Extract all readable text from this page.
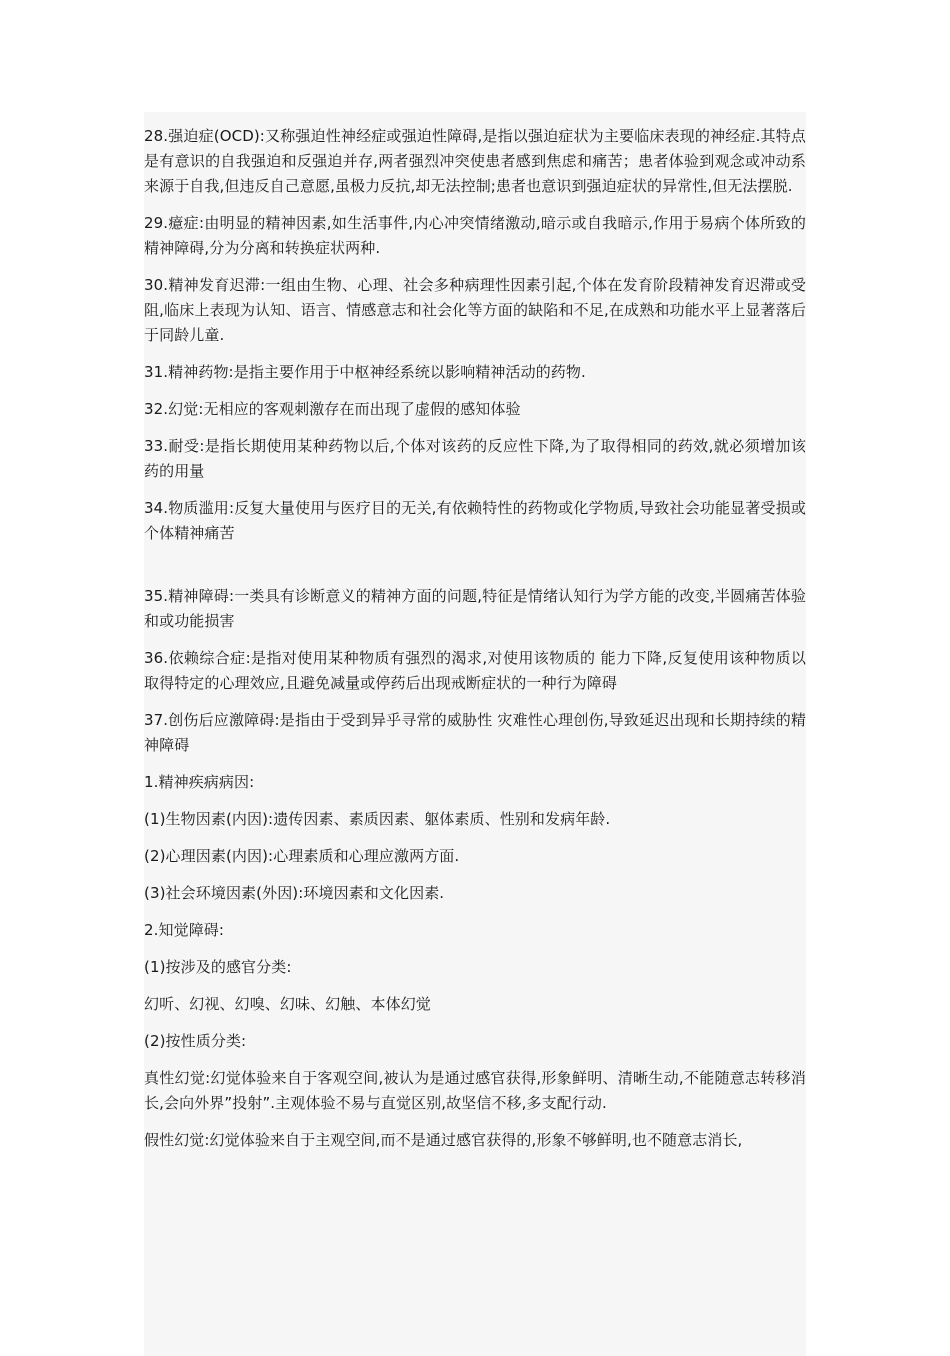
28.强迫症(OCD):又称强迫性神经症或强迫性障碍,是指以强迫症状为主要临床表现的神经症.其特点是有意识的自我强迫和反强迫并存,两者强烈冲突使患者感到焦虑和痛苦；患者体验到观念或冲动系来源于自我,但违反自己意愿,虽极力反抗,却无法控制;患者也意识到强迫症状的异常性,但无法摆脱.

29.癔症:由明显的精神因素,如生活事件,内心冲突情绪激动,暗示或自我暗示,作用于易病个体所致的精神障碍,分为分离和转换症状两种.

30.精神发育迟滞:一组由生物、心理、社会多种病理性因素引起,个体在发育阶段精神发育迟滞或受阻,临床上表现为认知、语言、情感意志和社会化等方面的缺陷和不足,在成熟和功能水平上显著落后于同龄儿童.

31.精神药物:是指主要作用于中枢神经系统以影响精神活动的药物.

32.幻觉:无相应的客观刺激存在而出现了虚假的感知体验

33.耐受:是指长期使用某种药物以后,个体对该药的反应性下降,为了取得相同的药效,就必须增加该药的用量

34.物质滥用:反复大量使用与医疗目的无关,有依赖特性的药物或化学物质,导致社会功能显著受损或个体精神痛苦

35.精神障碍:一类具有诊断意义的精神方面的问题,特征是情绪认知行为学方能的改变,半圆痛苦体验和或功能损害

36.依赖综合症:是指对使用某种物质有强烈的渴求,对使用该物质的 能力下降,反复使用该种物质以取得特定的心理效应,且避免减量或停药后出现戒断症状的一种行为障碍

37.创伤后应激障碍:是指由于受到异乎寻常的威胁性 灾难性心理创伤,导致延迟出现和长期持续的精神障碍

1.精神疾病病因:

(1)生物因素(内因):遗传因素、素质因素、躯体素质、性别和发病年龄.

(2)心理因素(内因):心理素质和心理应激两方面.

(3)社会环境因素(外因):环境因素和文化因素.

2.知觉障碍:

(1)按涉及的感官分类:

幻听、幻视、幻嗅、幻味、幻触、本体幻觉

(2)按性质分类:

真性幻觉:幻觉体验来自于客观空间,被认为是通过感官获得,形象鲜明、清晰生动,不能随意志转移消长,会向外界”投射”.主观体验不易与直觉区别,故坚信不移,多支配行动.

假性幻觉:幻觉体验来自于主观空间,而不是通过感官获得的,形象不够鲜明,也不随意志消长,
